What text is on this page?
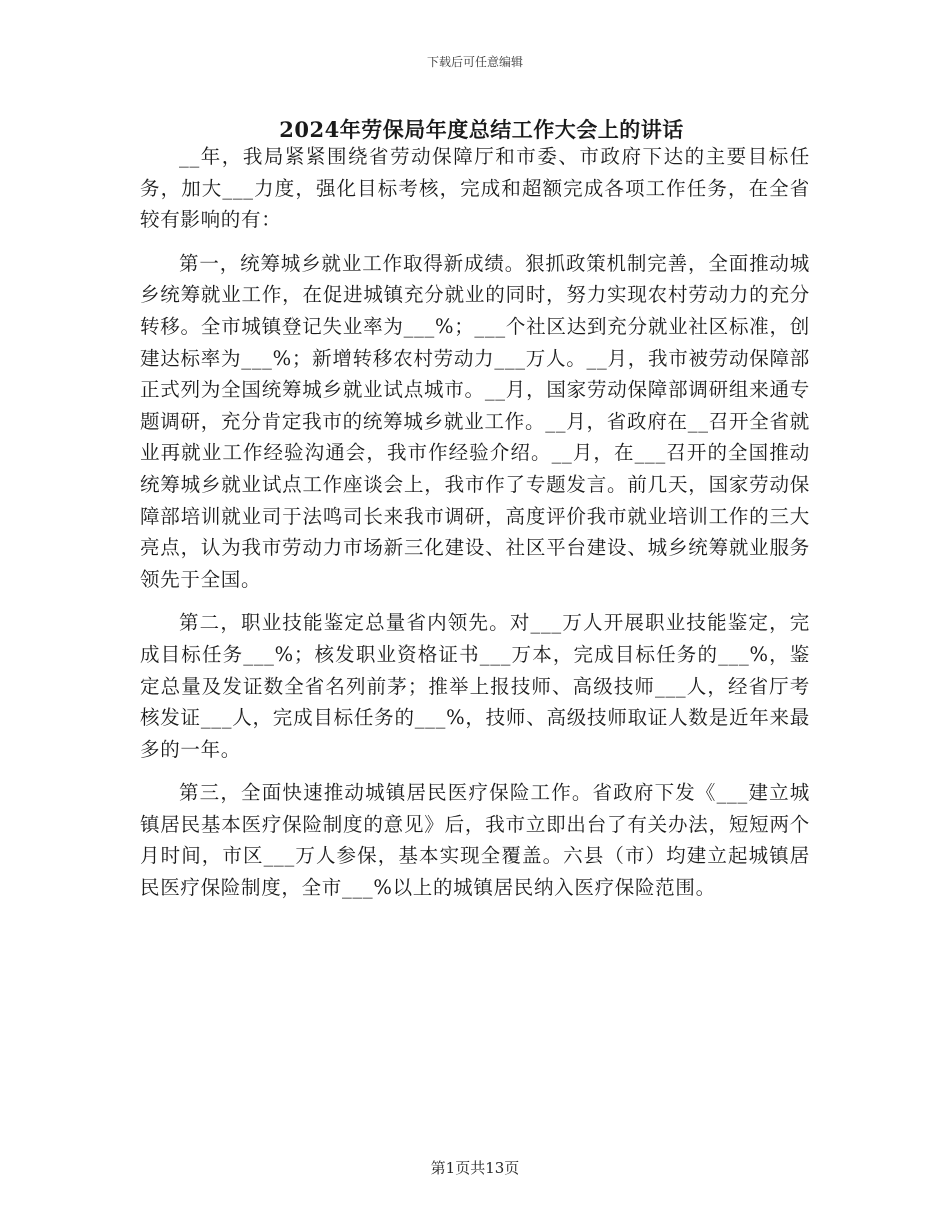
下载后可任意编辑
2024年劳保局年度总结工作大会上的讲话

__年，我局紧紧围绕省劳动保障厅和市委、市政府下达的主要目标任务，加大___力度，强化目标考核，完成和超额完成各项工作任务，在全省较有影响的有：

第一，统筹城乡就业工作取得新成绩。狠抓政策机制完善，全面推动城乡统筹就业工作，在促进城镇充分就业的同时，努力实现农村劳动力的充分转移。全市城镇登记失业率为___%；___个社区达到充分就业社区标准，创建达标率为___%；新增转移农村劳动力___万人。__月，我市被劳动保障部正式列为全国统筹城乡就业试点城市。__月，国家劳动保障部调研组来通专题调研，充分肯定我市的统筹城乡就业工作。__月，省政府在__召开全省就业再就业工作经验沟通会，我市作经验介绍。__月，在___召开的全国推动统筹城乡就业试点工作座谈会上，我市作了专题发言。前几天，国家劳动保障部培训就业司于法鸣司长来我市调研，高度评价我市就业培训工作的三大亮点，认为我市劳动力市场新三化建设、社区平台建设、城乡统筹就业服务领先于全国。

第二，职业技能鉴定总量省内领先。对___万人开展职业技能鉴定，完成目标任务___%；核发职业资格证书___万本，完成目标任务的___%，鉴定总量及发证数全省名列前茅；推举上报技师、高级技师___人，经省厅考核发证___人，完成目标任务的___%，技师、高级技师取证人数是近年来最多的一年。

第三，全面快速推动城镇居民医疗保险工作。省政府下发《___建立城镇居民基本医疗保险制度的意见》后，我市立即出台了有关办法，短短两个月时间，市区___万人参保，基本实现全覆盖。六县（市）均建立起城镇居民医疗保险制度，全市___%以上的城镇居民纳入医疗保险范围。

第1页共13页
